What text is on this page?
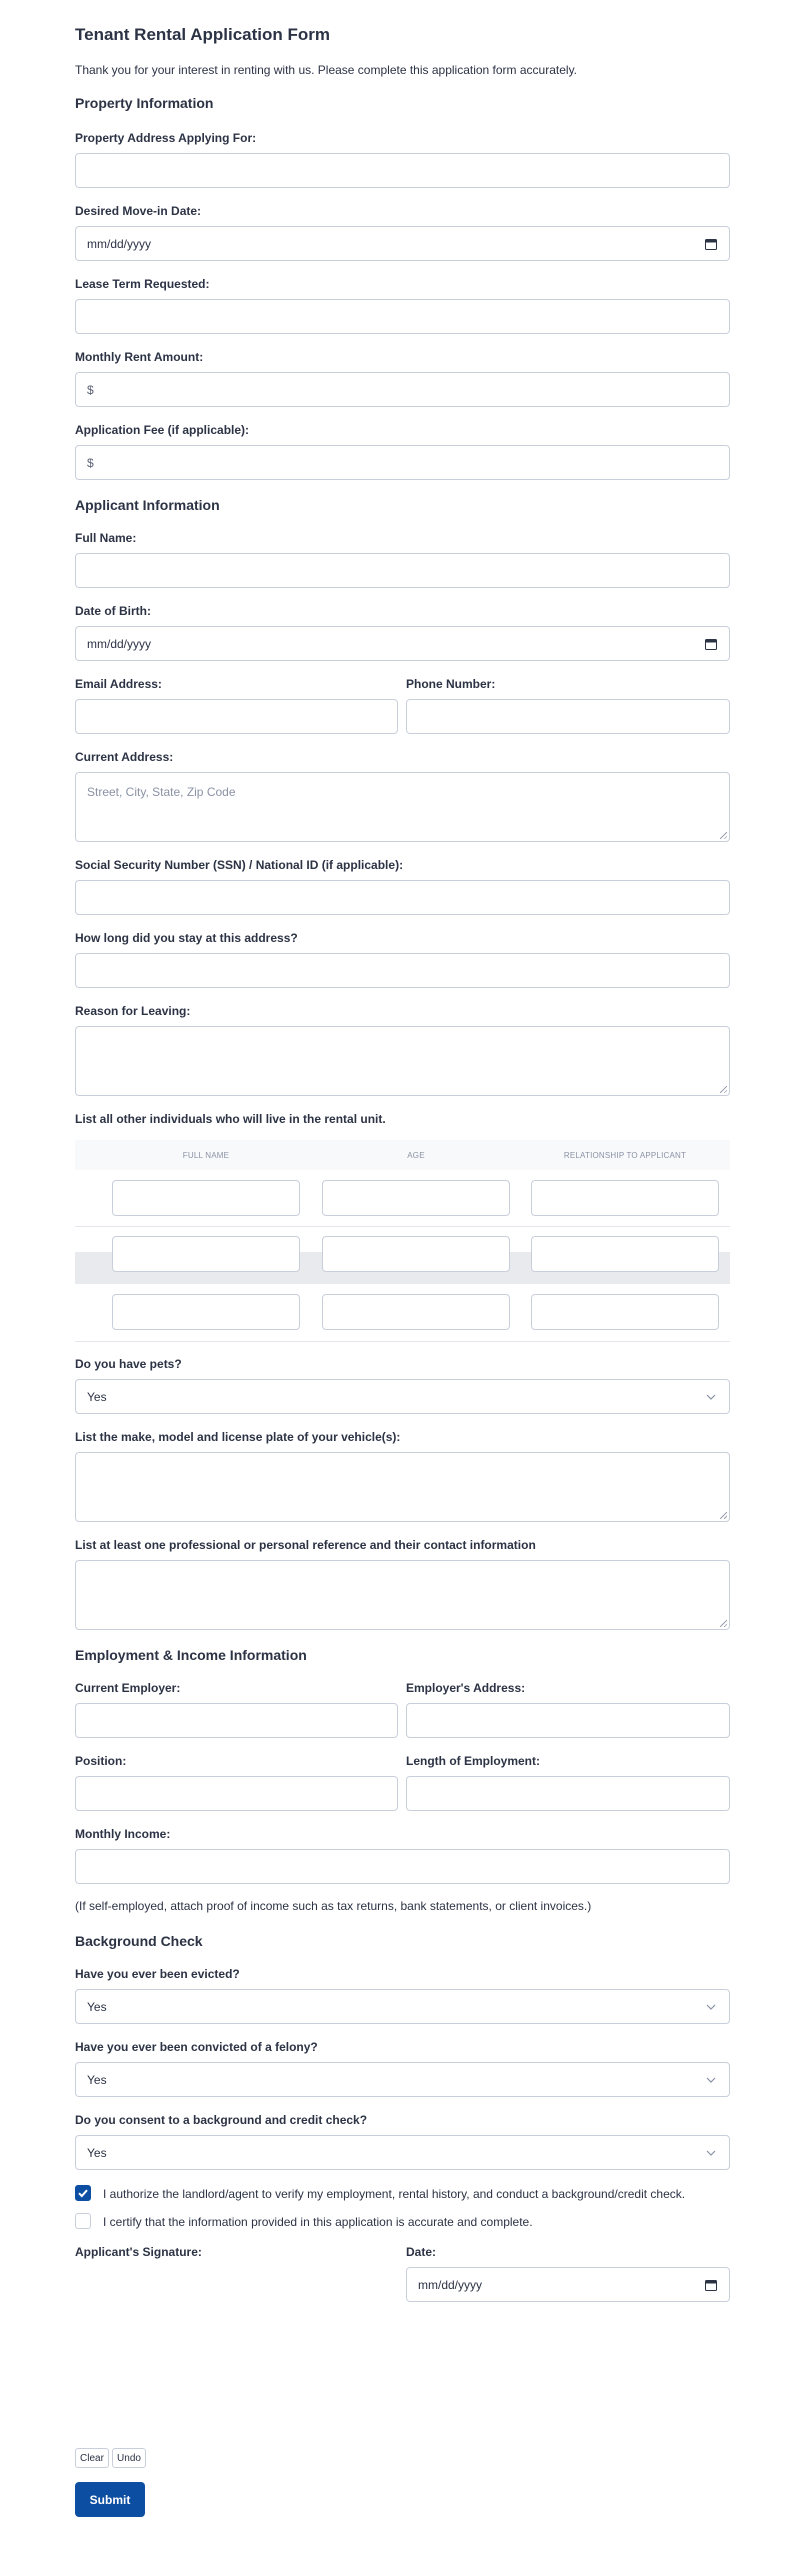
Tenant Rental Application Form
Thank you for your interest in renting with us. Please complete this application form accurately.
Property Information
Property Address Applying For:
Desired Move-in Date:
mm/dd/yyyy
Lease Term Requested:
Monthly Rent Amount:
$
Application Fee (if applicable):
$
Applicant Information
Full Name:
Date of Birth:
mm/dd/yyyy
Email Address:	Phone Number:
Current Address:
Street, City, State, Zip Code
Social Security Number (SSN) / National ID (if applicable):
How long did you stay at this address?
Reason for Leaving:
List all other individuals who will live in the rental unit.
FULL NAME	AGE	RELATIONSHIP TO APPLICANT
Do you have pets?
Yes
List the make, model and license plate of your vehicle(s):
List at least one professional or personal reference and their contact information
Employment & Income Information
Current Employer:	Employer's Address:
Position:	Length of Employment:
Monthly Income:
(If self-employed, attach proof of income such as tax returns, bank statements, or client invoices.)
Background Check
Have you ever been evicted?
Yes
Have you ever been convicted of a felony?
Yes
Do you consent to a background and credit check?
Yes
I authorize the landlord/agent to verify my employment, rental history, and conduct a background/credit check.
I certify that the information provided in this application is accurate and complete.
Applicant's Signature:	Date:
mm/dd/yyyy
Clear	Undo
Submit
